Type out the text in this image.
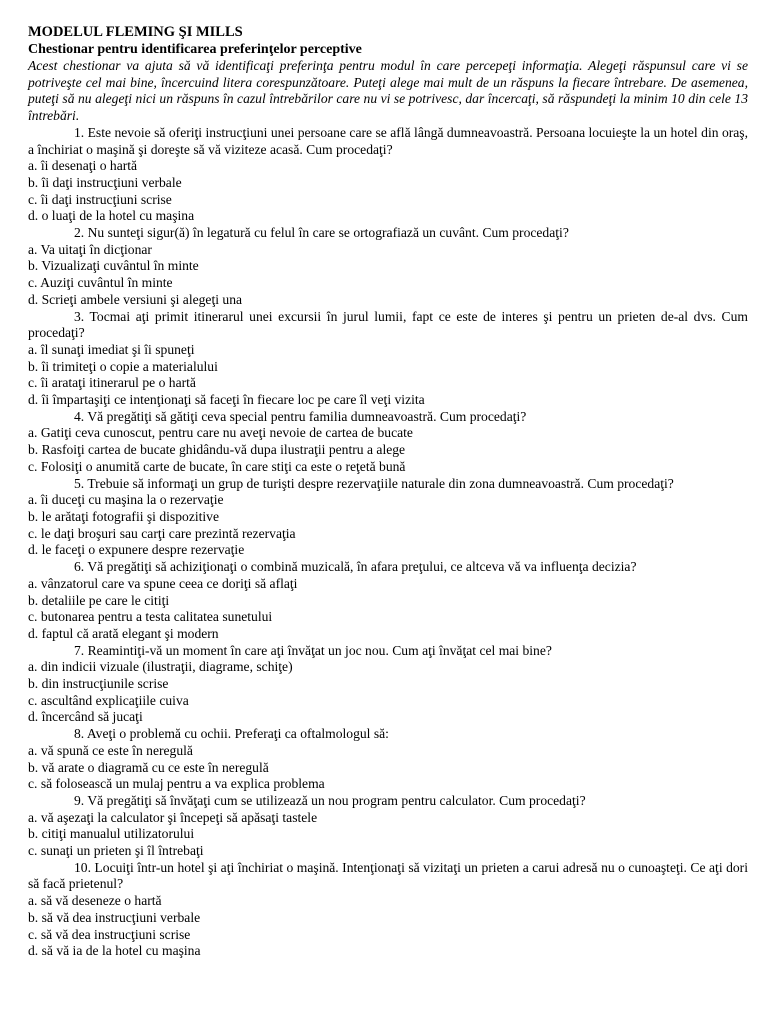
MODELUL FLEMING ŞI MILLS

Chestionar pentru identificarea preferinţelor perceptive

Acest chestionar va ajuta să vă identificaţi preferinţa pentru modul în care percepeţi informaţia. Alegeţi răspunsul care vi se potriveşte cel mai bine, încercuind litera corespunzătoare. Puteţi alege mai mult de un răspuns la fiecare întrebare. De asemenea, puteţi să nu alegeţi nici un răspuns în cazul întrebărilor care nu vi se potrivesc, dar încercaţi, să răspundeţi la minim 10 din cele 13 întrebări.

1. Este nevoie să oferiţi instrucţiuni unei persoane care se află lângă dumneavoastră. Persoana locuieşte la un hotel din oraş, a închiriat o maşină şi doreşte să vă viziteze acasă. Cum procedaţi?

a. îi desenaţi o hartă

b. îi daţi instrucţiuni verbale

c. îi daţi instrucţiuni scrise

d. o luaţi de la hotel cu maşina

2. Nu sunteţi sigur(ă) în legatură cu felul în care se ortografiază un cuvânt. Cum procedaţi?

a. Va uitaţi în dicţionar

b. Vizualizaţi cuvântul în minte

c. Auziţi cuvântul în minte

d. Scrieţi ambele versiuni şi alegeţi una

3. Tocmai aţi primit itinerarul unei excursii în jurul lumii, fapt ce este de interes şi pentru un prieten de-al dvs. Cum procedaţi?

a. îl sunaţi imediat şi îi spuneţi

b. îi trimiteţi o copie a materialului

c. îi arataţi itinerarul pe o hartă

d. îi împartaşiţi ce intenţionaţi să faceţi în fiecare loc pe care îl veţi vizita

4. Vă pregătiţi să gătiţi ceva special pentru familia dumneavoastră. Cum procedaţi?

a. Gatiţi ceva cunoscut, pentru care nu aveţi nevoie de cartea de bucate

b. Rasfoiţi cartea de bucate ghidându-vă dupa ilustraţii pentru a alege

c. Folosiţi o anumită carte de bucate, în care stiţi ca este o reţetă bună

5. Trebuie să informaţi un grup de turişti despre rezervaţiile naturale din zona dumneavoastră. Cum procedaţi?

a. îi duceţi cu maşina la o rezervaţie

b. le arătaţi fotografii şi dispozitive

c. le daţi broşuri sau carţi care prezintă rezervaţia

d. le faceţi o expunere despre rezervaţie

6. Vă pregătiţi să achiziţionaţi o combină muzicală, în afara preţului, ce altceva vă va influenţa decizia?

a. vânzatorul care va spune ceea ce doriţi să aflaţi

b. detaliile pe care le citiţi

c. butonarea pentru a testa calitatea sunetului

d. faptul că arată elegant şi modern

7. Reamintiţi-vă un moment în care aţi învăţat un joc nou. Cum aţi învăţat cel mai bine?

a. din indicii vizuale (ilustraţii, diagrame, schiţe)

b. din instrucţiunile scrise

c. ascultând explicaţiile cuiva

d. încercând să jucaţi

8. Aveţi o problemă cu ochii. Preferaţi ca oftalmologul să:

a. vă spună ce este în neregulă

b. vă arate o diagramă cu ce este în neregulă

c. să folosească un mulaj pentru a va explica problema

9. Vă pregătiţi să învăţaţi cum se utilizează un nou program pentru calculator. Cum procedaţi?

a. vă aşezaţi la calculator şi începeţi să apăsaţi tastele

b. citiţi manualul utilizatorului

c. sunaţi un prieten şi îl întrebaţi

10. Locuiţi într-un hotel şi aţi închiriat o maşină. Intenţionaţi să vizitaţi un prieten a carui adresă nu o cunoaşteţi. Ce aţi dori să facă prietenul?

a. să vă deseneze o hartă

b. să vă dea instrucţiuni verbale

c. să vă dea instrucţiuni scrise

d. să vă ia de la hotel cu maşina
